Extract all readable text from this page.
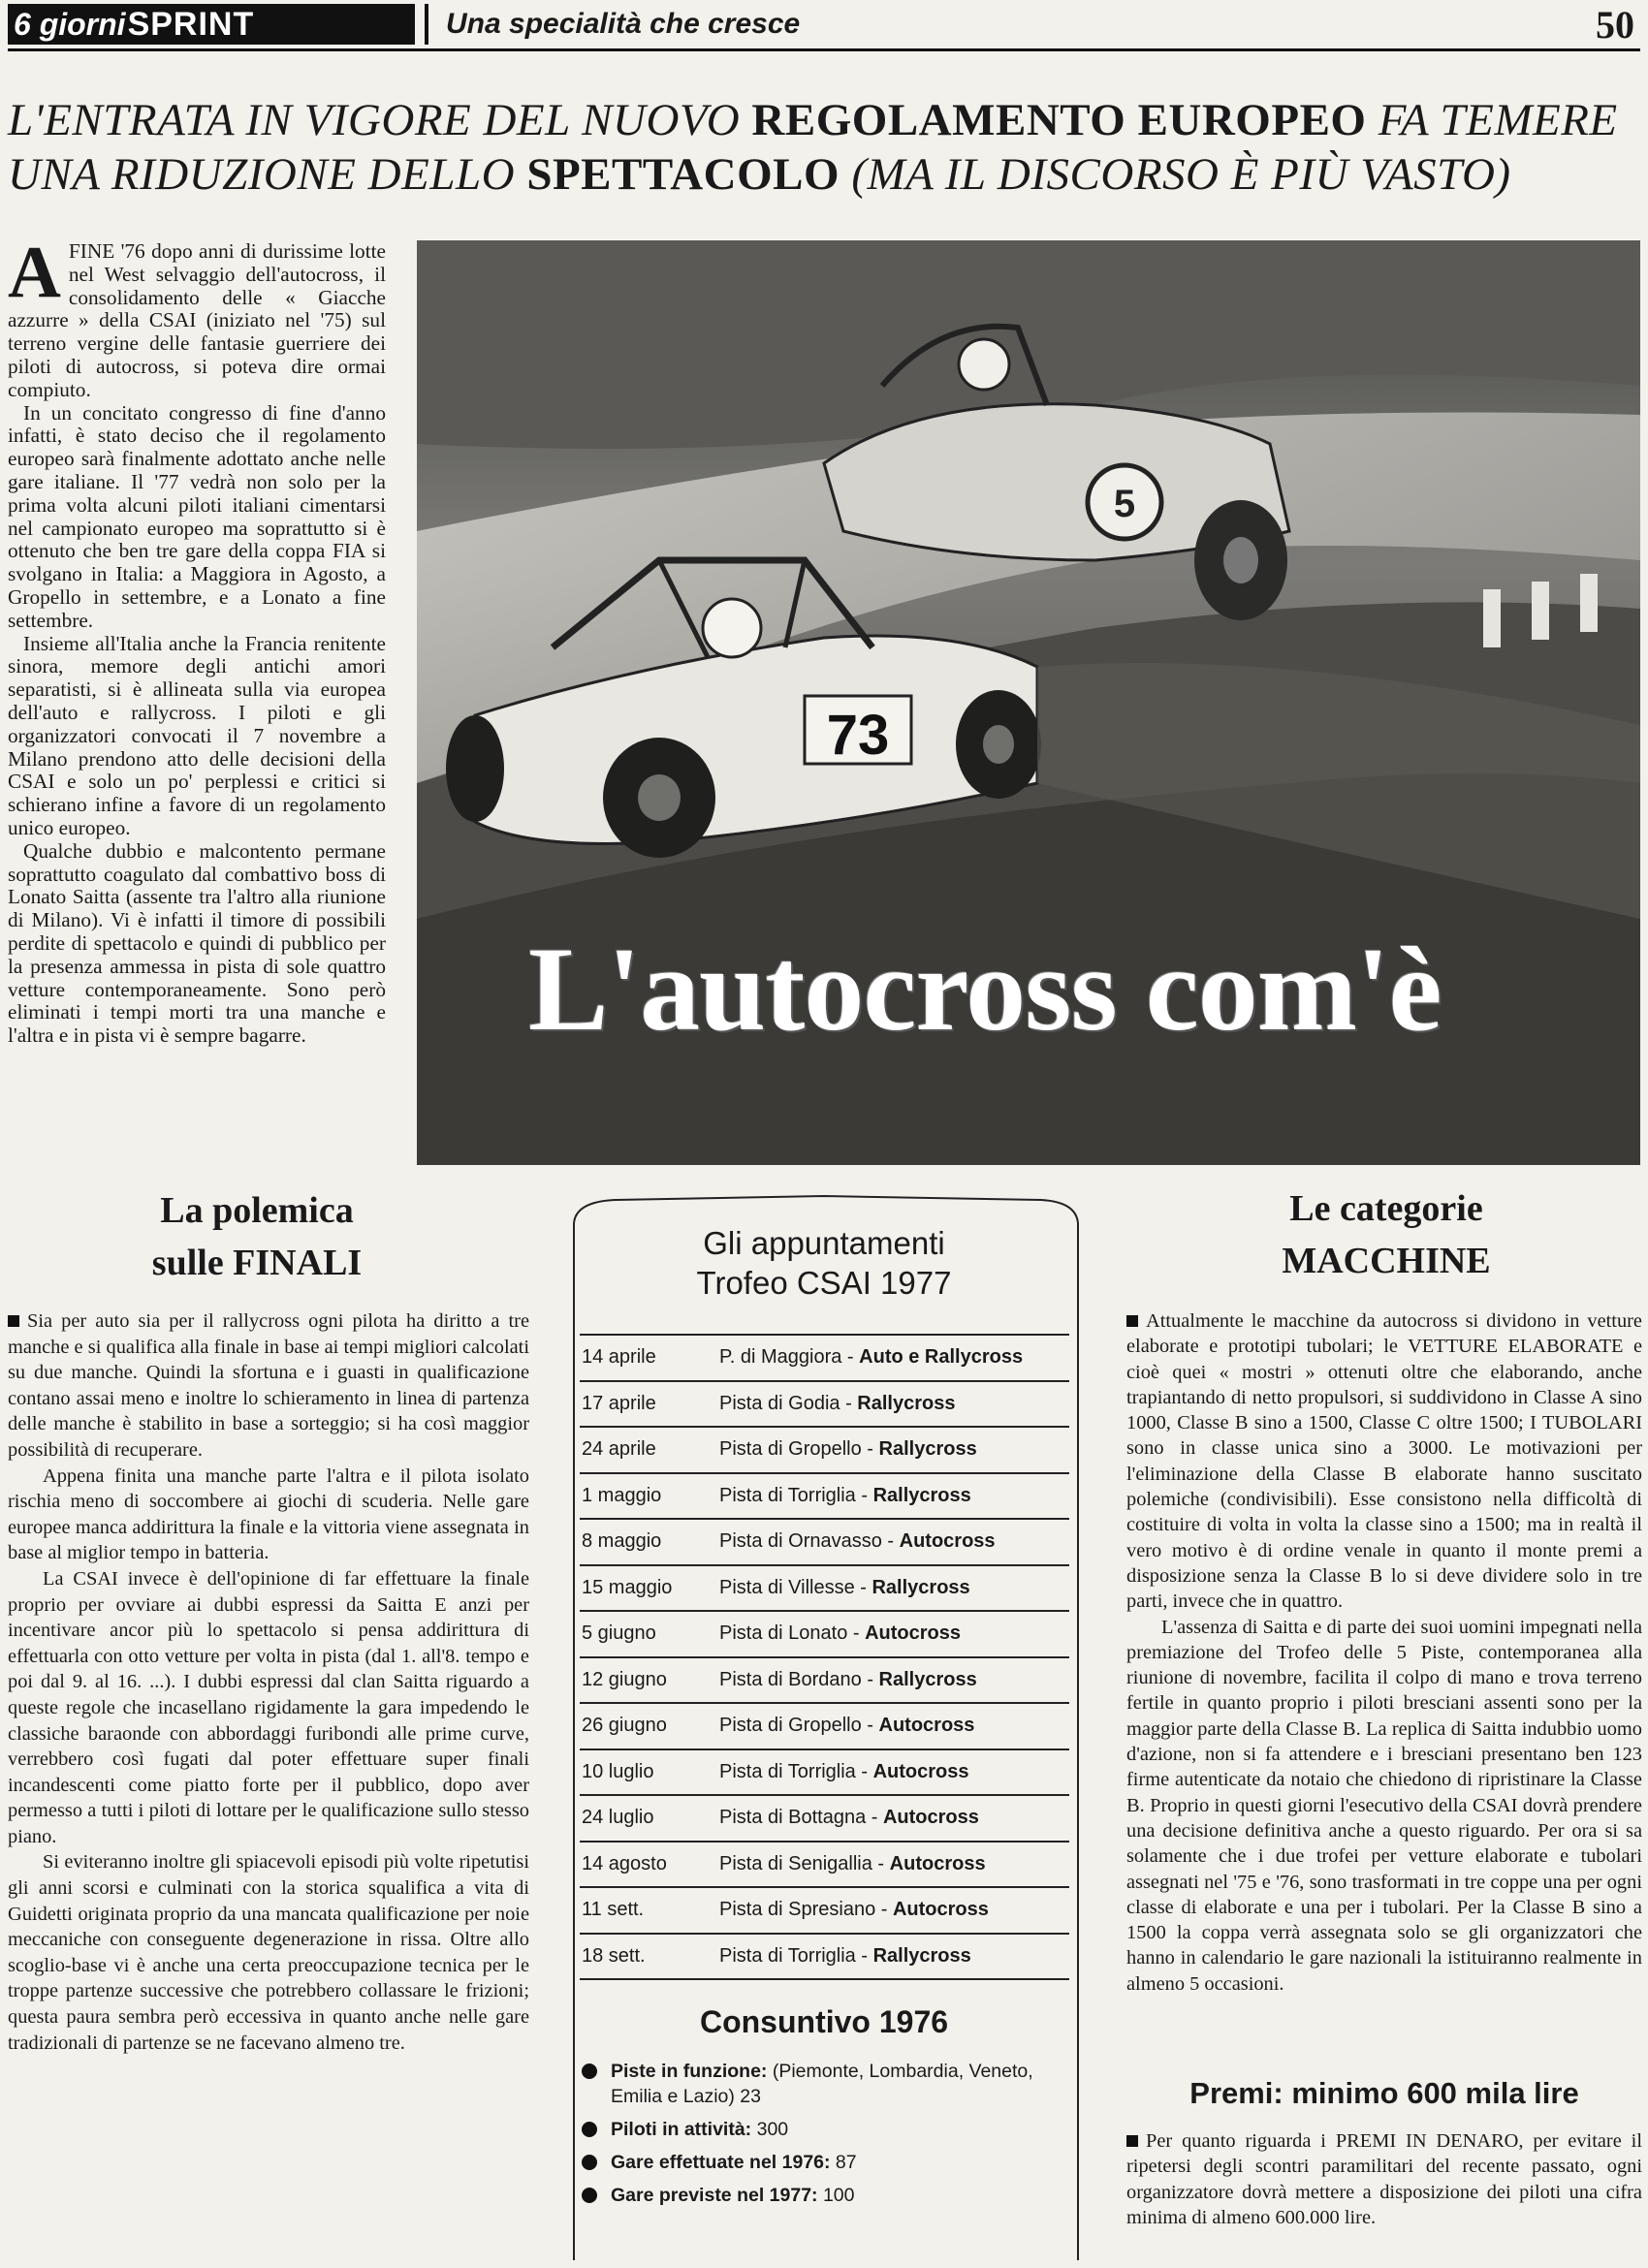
6 giorni SPRINT	Una specialità che cresce	50
L'ENTRATA IN VIGORE DEL NUOVO REGOLAMENTO EUROPEO FA TEMERE
UNA RIDUZIONE DELLO SPETTACOLO (MA IL DISCORSO È PIÙ VASTO)

AFINE '76 dopo anni di durissime lotte nel West selvaggio dell'autocross, il consolidamento delle « Giacche azzurre » della CSAI (iniziato nel '75) sul terreno vergine delle fantasie guerriere dei piloti di autocross, si poteva dire ormai compiuto.

In un concitato congresso di fine d'anno infatti, è stato deciso che il regolamento europeo sarà finalmente adottato anche nelle gare italiane. Il '77 vedrà non solo per la prima volta alcuni piloti italiani cimentarsi nel campionato europeo ma soprattutto si è ottenuto che ben tre gare della coppa FIA si svolgano in Italia: a Maggiora in Agosto, a Gropello in settembre, e a Lonato a fine settembre.

Insieme all'Italia anche la Francia renitente sinora, memore degli antichi amori separatisti, si è allineata sulla via europea dell'auto e rallycross. I piloti e gli organizzatori convocati il 7 novembre a Milano prendono atto delle decisioni della CSAI e solo un po' perplessi e critici si schierano infine a favore di un regolamento unico europeo.

Qualche dubbio e malcontento permane soprattutto coagulato dal combattivo boss di Lonato Saitta (assente tra l'altro alla riunione di Milano). Vi è infatti il timore di possibili perdite di spettacolo e quindi di pubblico per la presenza ammessa in pista di sole quattro vetture contemporaneamente. Sono però eliminati i tempi morti tra una manche e l'altra e in pista vi è sempre bagarre.

5
73
L'autocross com'è
La polemica
sulle FINALI

Sia per auto sia per il rallycross ogni pilota ha diritto a tre manche e si qualifica alla finale in base ai tempi migliori calcolati su due manche. Quindi la sfortuna e i guasti in qualificazione contano assai meno e inoltre lo schieramento in linea di partenza delle manche è stabilito in base a sorteggio; si ha così maggior possibilità di recuperare.

Appena finita una manche parte l'altra e il pilota isolato rischia meno di soccombere ai giochi di scuderia. Nelle gare europee manca addirittura la finale e la vittoria viene assegnata in base al miglior tempo in batteria.

La CSAI invece è dell'opinione di far effettuare la finale proprio per ovviare ai dubbi espressi da Saitta E anzi per incentivare ancor più lo spettacolo si pensa addirittura di effettuarla con otto vetture per volta in pista (dal 1. all'8. tempo e poi dal 9. al 16. ...). I dubbi espressi dal clan Saitta riguardo a queste regole che incasellano rigidamente la gara impedendo le classiche baraonde con abbordaggi furibondi alle prime curve, verrebbero così fugati dal poter effettuare super finali incandescenti come piatto forte per il pubblico, dopo aver permesso a tutti i piloti di lottare per le qualificazione sullo stesso piano.

Si eviteranno inoltre gli spiacevoli episodi più volte ripetutisi gli anni scorsi e culminati con la storica squalifica a vita di Guidetti originata proprio da una mancata qualificazione per noie meccaniche con conseguente degenerazione in rissa. Oltre allo scoglio-base vi è anche una certa preoccupazione tecnica per le troppe partenze successive che potrebbero collassare le frizioni; questa paura sembra però eccessiva in quanto anche nelle gare tradizionali di partenze se ne facevano almeno tre.

Gli appuntamenti
Trofeo CSAI 1977
14 aprile	P. di Maggiora - Auto e Rallycross
17 aprile	Pista di Godia - Rallycross
24 aprile	Pista di Gropello - Rallycross
1 maggio	Pista di Torriglia - Rallycross
8 maggio	Pista di Ornavasso - Autocross
15 maggio	Pista di Villesse - Rallycross
5 giugno	Pista di Lonato - Autocross
12 giugno	Pista di Bordano - Rallycross
26 giugno	Pista di Gropello - Autocross
10 luglio	Pista di Torriglia - Autocross
24 luglio	Pista di Bottagna - Autocross
14 agosto	Pista di Senigallia - Autocross
11 sett.	Pista di Spresiano - Autocross
18 sett.	Pista di Torriglia - Rallycross
Consuntivo 1976
Piste in funzione: (Piemonte, Lombardia, Veneto, Emilia e Lazio) 23
Piloti in attività: 300
Gare effettuate nel 1976: 87
Gare previste nel 1977: 100
Le categorie
MACCHINE

Attualmente le macchine da autocross si dividono in vetture elaborate e prototipi tubolari; le VETTURE ELABORATE e cioè quei « mostri » ottenuti oltre che elaborando, anche trapiantando di netto propulsori, si suddividono in Classe A sino 1000, Classe B sino a 1500, Classe C oltre 1500; I TUBOLARI sono in classe unica sino a 3000. Le motivazioni per l'eliminazione della Classe B elaborate hanno suscitato polemiche (condivisibili). Esse consistono nella difficoltà di costituire di volta in volta la classe sino a 1500; ma in realtà il vero motivo è di ordine venale in quanto il monte premi a disposizione senza la Classe B lo si deve dividere solo in tre parti, invece che in quattro.

L'assenza di Saitta e di parte dei suoi uomini impegnati nella premiazione del Trofeo delle 5 Piste, contemporanea alla riunione di novembre, facilita il colpo di mano e trova terreno fertile in quanto proprio i piloti bresciani assenti sono per la maggior parte della Classe B. La replica di Saitta indubbio uomo d'azione, non si fa attendere e i bresciani presentano ben 123 firme autenticate da notaio che chiedono di ripristinare la Classe B. Proprio in questi giorni l'esecutivo della CSAI dovrà prendere una decisione definitiva anche a questo riguardo. Per ora si sa solamente che i due trofei per vetture elaborate e tubolari assegnati nel '75 e '76, sono trasformati in tre coppe una per ogni classe di elaborate e una per i tubolari. Per la Classe B sino a 1500 la coppa verrà assegnata solo se gli organizzatori che hanno in calendario le gare nazionali la istituiranno realmente in almeno 5 occasioni.

Premi: minimo 600 mila lire

Per quanto riguarda i PREMI IN DENARO, per evitare il ripetersi degli scontri paramilitari del recente passato, ogni organizzatore dovrà mettere a disposizione dei piloti una cifra minima di almeno 600.000 lire.
